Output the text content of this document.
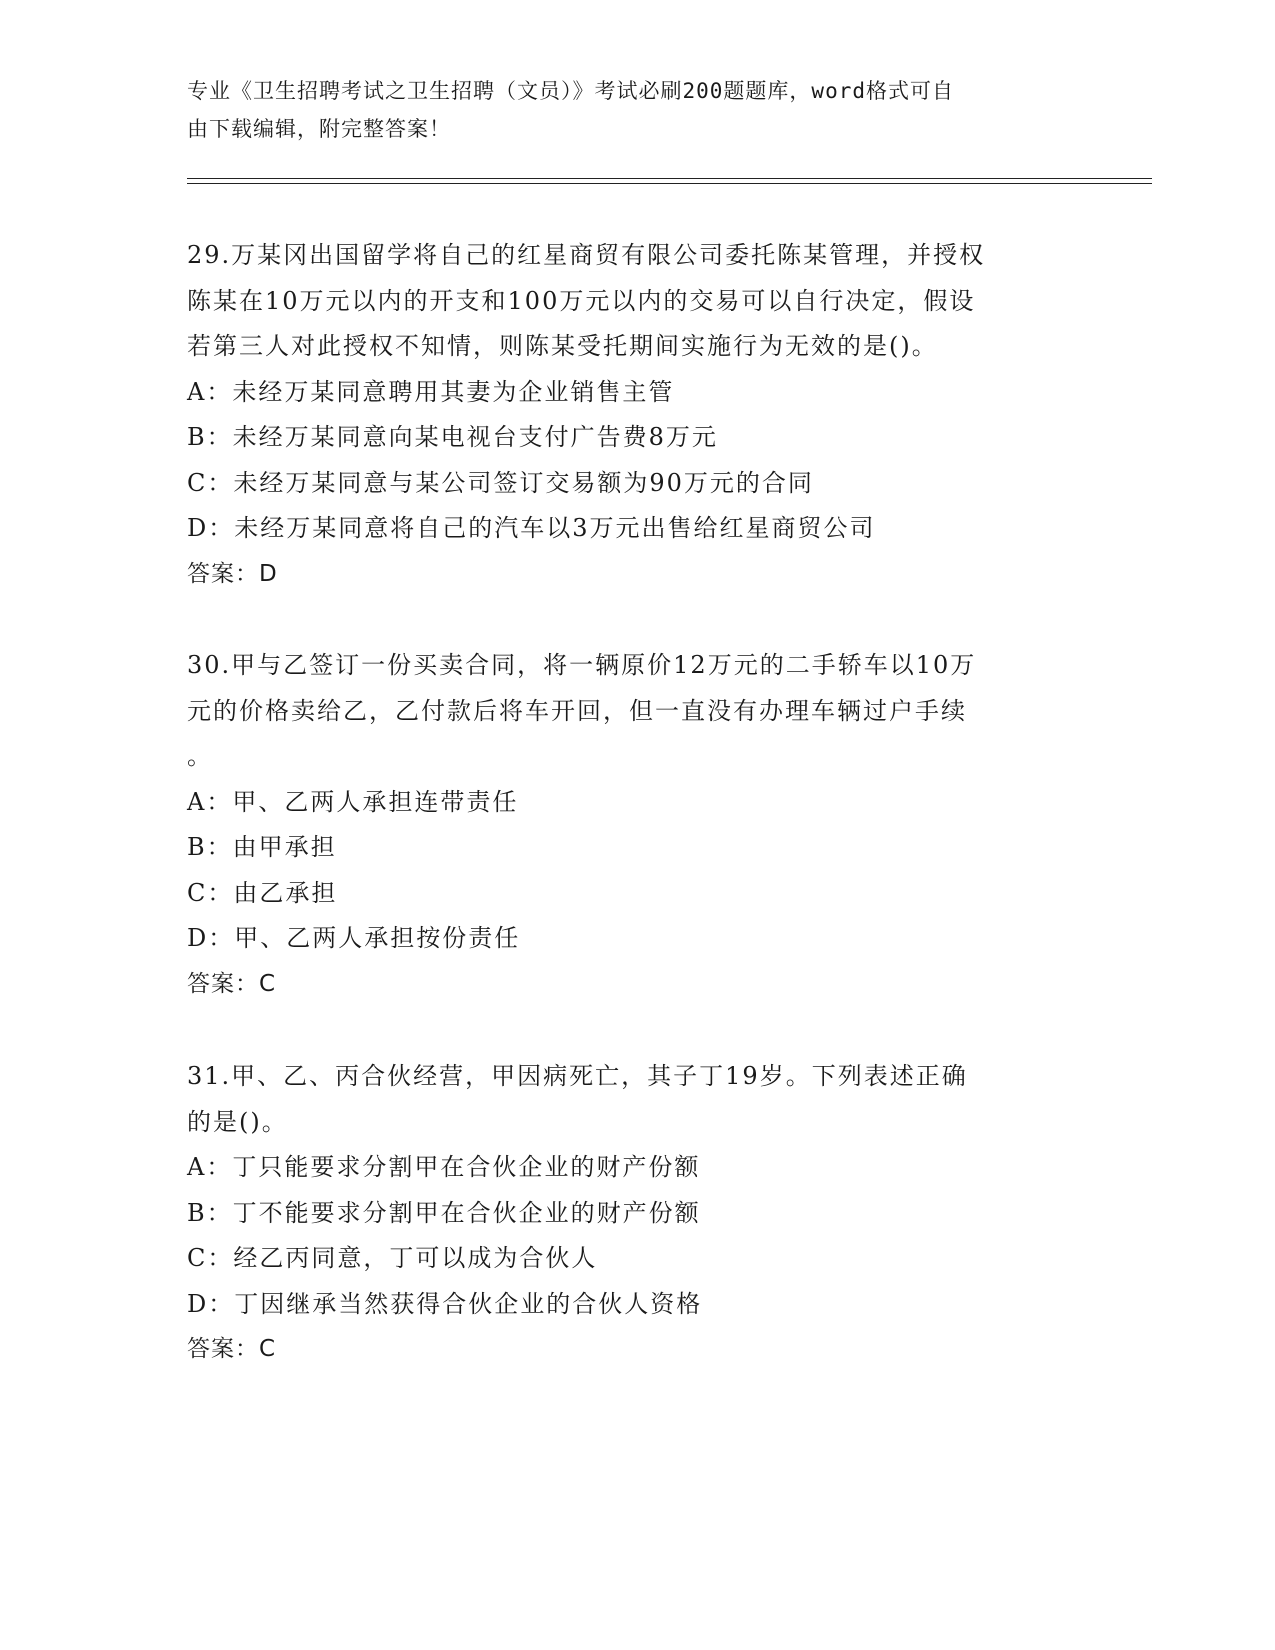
专业《卫生招聘考试之卫生招聘（文员）》考试必刷200题题库，word格式可自
由下载编辑，附完整答案！

29.万某冈出国留学将自己的红星商贸有限公司委托陈某管理，并授权

陈某在10万元以内的开支和100万元以内的交易可以自行决定，假设

若第三人对此授权不知情，则陈某受托期间实施行为无效的是()。

A：未经万某同意聘用其妻为企业销售主管

B：未经万某同意向某电视台支付广告费8万元

C：未经万某同意与某公司签订交易额为90万元的合同

D：未经万某同意将自己的汽车以3万元出售给红星商贸公司

答案：D

30.甲与乙签订一份买卖合同，将一辆原价12万元的二手轿车以10万

元的价格卖给乙，乙付款后将车开回，但一直没有办理车辆过户手续

。

A：甲、乙两人承担连带责任

B：由甲承担

C：由乙承担

D：甲、乙两人承担按份责任

答案：C

31.甲、乙、丙合伙经营，甲因病死亡，其子丁19岁。下列表述正确

的是()。

A：丁只能要求分割甲在合伙企业的财产份额

B：丁不能要求分割甲在合伙企业的财产份额

C：经乙丙同意，丁可以成为合伙人

D：丁因继承当然获得合伙企业的合伙人资格

答案：C
